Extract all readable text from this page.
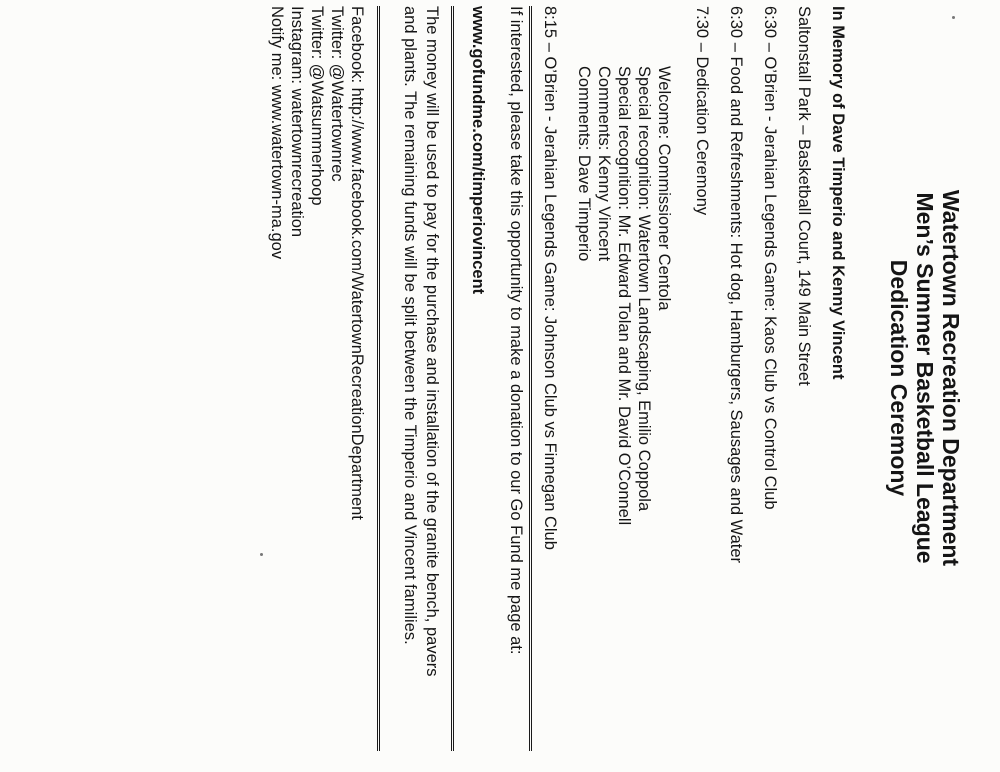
Watertown Recreation Department
Men’s Summer Basketball League
Dedication Ceremony
In Memory of Dave Timperio and Kenny Vincent
Saltonstall Park – Basketball Court, 149 Main Street
6:30 – O’Brien - Jerahian Legends Game: Kaos Club vs Control Club
6:30 – Food and Refreshments: Hot dog, Hamburgers, Sausages and Water
7:30 – Dedication Ceremony
Welcome: Commissioner Centola
Special recognition: Watertown Landscaping, Emilio Coppola
Special recognition: Mr. Edward Tolan and Mr. David O’Connell
Comments: Kenny Vincent
Comments: Dave Timperio
8:15 – O’Brien - Jerahian Legends Game: Johnson Club vs Finnegan Club
If interested, please take this opportunity to make a donation to our Go Fund me page at:
www.gofundme.com/timperiovincent
The money will be used to pay for the purchase and installation of the granite bench, pavers
and plants. The remaining funds will be split between the Timperio and Vincent families.
Facebook: http://www.facebook.com/WatertownRecreationDepartment
Twitter: @Watertownrec
Twitter: @Watsummerhoop
Instagram: watertownrecreation
Notify me: www.watertown-ma.gov
